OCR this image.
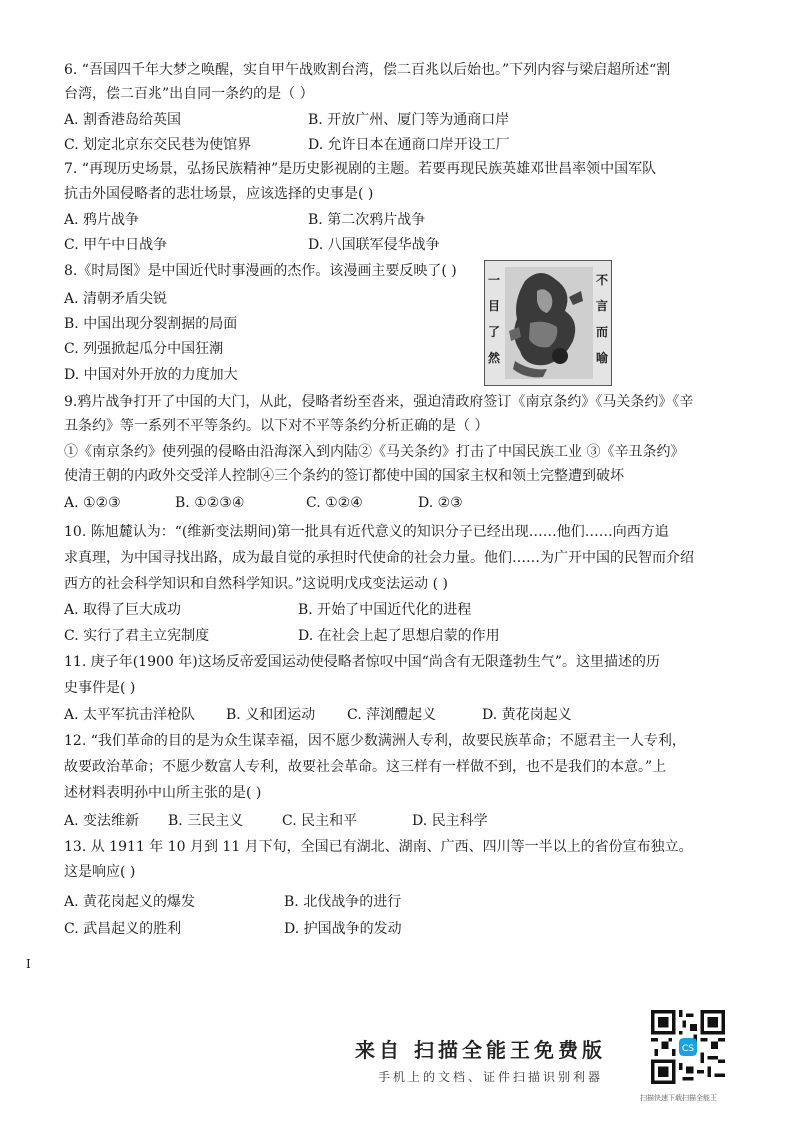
6. “吾国四千年大梦之唤醒，实自甲午战败割台湾，偿二百兆以后始也。”下列内容与梁启超所述“割
台湾，偿二百兆”出自同一条约的是（ ）
A. 割香港岛给英国	B. 开放广州、厦门等为通商口岸
C. 划定北京东交民巷为使馆界	D. 允许日本在通商口岸开设工厂
7. “再现历史场景，弘扬民族精神”是历史影视剧的主题。若要再现民族英雄邓世昌率领中国军队
抗击外国侵略者的悲壮场景，应该选择的史事是( )
A. 鸦片战争	B. 第二次鸦片战争
C. 甲午中日战争	D. 八国联军侵华战争
8.《时局图》是中国近代时事漫画的杰作。该漫画主要反映了( )
A. 清朝矛盾尖锐
B. 中国出现分裂割据的局面
C. 列强掀起瓜分中国狂潮
D. 中国对外开放的力度加大
一
目
了
然
不
言
而
喻
9.鸦片战争打开了中国的大门，从此，侵略者纷至沓来，强迫清政府签订《南京条约》《马关条约》《辛
丑条约》等一系列不平等条约。以下对不平等条约分析正确的是（ ）
①《南京条约》使列强的侵略由沿海深入到内陆②《马关条约》打击了中国民族工业 ③《辛丑条约》
使清王朝的内政外交受洋人控制④三个条约的签订都使中国的国家主权和领土完整遭到破坏
A. ①②③	B. ①②③④	C. ①②④	D. ②③
10. 陈旭麓认为：“(维新变法期间)第一批具有近代意义的知识分子已经出现……他们……向西方追
求真理，为中国寻找出路，成为最自觉的承担时代使命的社会力量。他们……为广开中国的民智而介绍
西方的社会科学知识和自然科学知识。”这说明戊戌变法运动 ( )
A. 取得了巨大成功	B. 开始了中国近代化的进程
C. 实行了君主立宪制度	D. 在社会上起了思想启蒙的作用
11. 庚子年(1900 年)这场反帝爱国运动使侵略者惊叹中国“尚含有无限蓬勃生气”。这里描述的历
史事件是( )
A. 太平军抗击洋枪队 B. 义和团运动 C. 萍浏醴起义	D. 黄花岗起义
12. “我们革命的目的是为众生谋幸福，因不愿少数满洲人专利，故要民族革命；不愿君主一人专利，
故要政治革命；不愿少数富人专利，故要社会革命。这三样有一样做不到，也不是我们的本意。”上
述材料表明孙中山所主张的是( )
A. 变法维新 B. 三民主义	C. 民主和平	D. 民主科学
13. 从 1911 年 10 月到 11 月下旬，全国已有湖北、湖南、广西、四川等一半以上的省份宣布独立。
这是响应( )
A. 黄花岗起义的爆发	B. 北伐战争的进行
C. 武昌起义的胜利	D. 护国战争的发动
I
来自 扫描全能王免费版
手机上的文档、证件扫描识别利器
CS
扫描快速下载扫描全能王
